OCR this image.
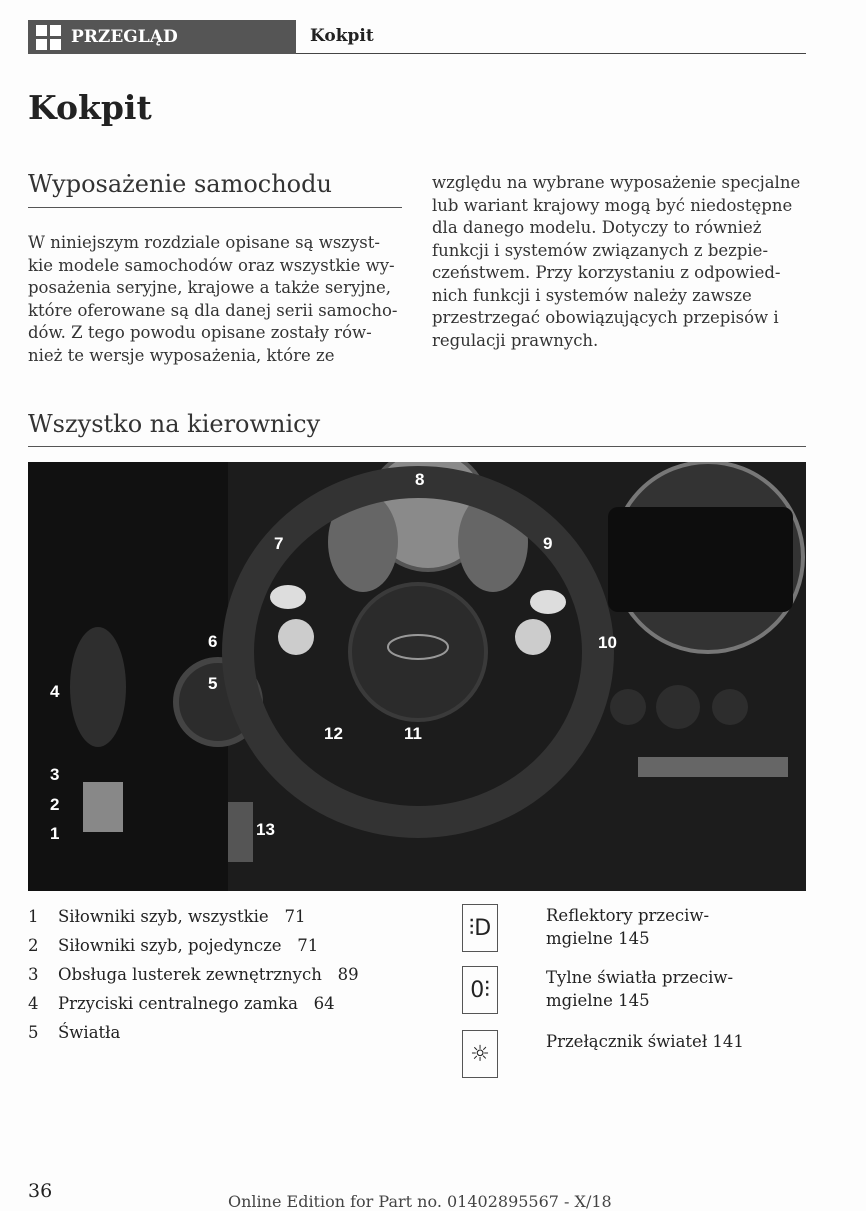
PRZEGLĄD	Kokpit
Kokpit
Wyposażenie samochodu
W niniejszym rozdziale opisane są wszyst-
kie modele samochodów oraz wszystkie wy-
posażenia seryjne, krajowe a także seryjne,
które oferowane są dla danej serii samocho-
dów. Z tego powodu opisane zostały rów-
nież te wersje wyposażenia, które ze
względu na wybrane wyposażenie specjalne
lub wariant krajowy mogą być niedostępne
dla danego modelu. Dotyczy to również
funkcji i systemów związanych z bezpie-
czeństwem. Przy korzystaniu z odpowied-
nich funkcji i systemów należy zawsze
przestrzegać obowiązujących przepisów i
regulacji prawnych.
Wszystko na kierownicy
1
2
3
4	5
6
7
8
9
10
11
12
13
1 Siłowniki szyb, wszystkie 71
2 Siłowniki szyb, pojedyncze 71
3 Obsługa lusterek zewnętrznych 89
4 Przyciski centralnego zamka 64
5 Światła
⫶D	Reflektory przeciw-
mgielne 145
0⫶	Tylne światła przeciw-
mgielne 145
☼	Przełącznik świateł 141
36	Online Edition for Part no. 01402895567 - X/18
